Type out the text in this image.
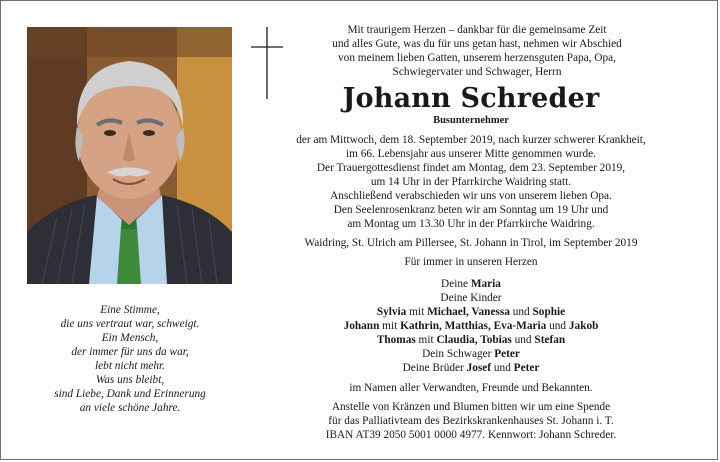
Mit traurigem Herzen – dankbar für die gemeinsame Zeit
und alles Gute, was du für uns getan hast, nehmen wir Abschied
von meinem lieben Gatten, unserem herzensguten Papa, Opa,
Schwiegervater und Schwager, Herrn
Johann Schreder
Busunternehmer
der am Mittwoch, dem 18. September 2019, nach kurzer schwerer Krankheit,
im 66. Lebensjahr aus unserer Mitte genommen wurde.
Der Trauergottesdienst findet am Montag, dem 23. September 2019,
um 14 Uhr in der Pfarrkirche Waidring statt.
Anschließend verabschieden wir uns von unserem lieben Opa.
Den Seelenrosenkranz beten wir am Sonntag um 19 Uhr und
am Montag um 13.30 Uhr in der Pfarrkirche Waidring.
Waidring, St. Ulrich am Pillersee, St. Johann in Tirol, im September 2019
Für immer in unseren Herzen
Deine Maria
Deine Kinder
Sylvia mit Michael, Vanessa und Sophie
Johann mit Kathrin, Matthias, Eva-Maria und Jakob
Thomas mit Claudia, Tobias und Stefan
Dein Schwager Peter
Deine Brüder Josef und Peter
im Namen aller Verwandten, Freunde und Bekannten.
Anstelle von Kränzen und Blumen bitten wir um eine Spende
für das Palliativteam des Bezirkskrankenhauses St. Johann i. T.
IBAN AT39 2050 5001 0000 4977. Kennwort: Johann Schreder.
Eine Stimme,
die uns vertraut war, schweigt.
Ein Mensch,
der immer für uns da war,
lebt nicht mehr.
Was uns bleibt,
sind Liebe, Dank und Erinnerung
an viele schöne Jahre.
